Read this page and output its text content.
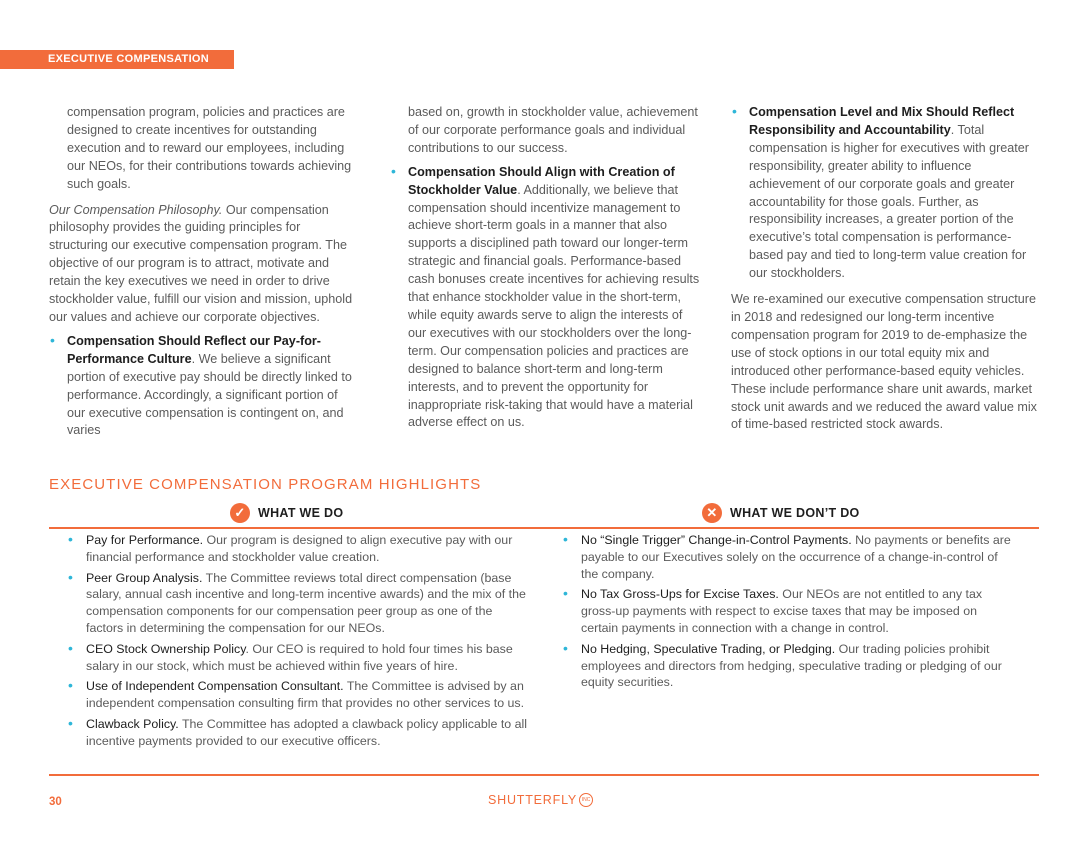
EXECUTIVE COMPENSATION

compensation program, policies and practices are designed to create incentives for outstanding execution and to reward our employees, including our NEOs, for their contributions towards achieving such goals.

Our Compensation Philosophy. Our compensation philosophy provides the guiding principles for structuring our executive compensation program. The objective of our program is to attract, motivate and retain the key executives we need in order to drive stockholder value, fulfill our vision and mission, uphold our values and achieve our corporate objectives.

• Compensation Should Reflect our Pay-for-Performance Culture. We believe a significant portion of executive pay should be directly linked to performance. Accordingly, a significant portion of our executive compensation is contingent on, and varies

based on, growth in stockholder value, achievement of our corporate performance goals and individual contributions to our success.

• Compensation Should Align with Creation of Stockholder Value. Additionally, we believe that compensation should incentivize management to achieve short-term goals in a manner that also supports a disciplined path toward our longer-term strategic and financial goals. Performance-based cash bonuses create incentives for achieving results that enhance stockholder value in the short-term, while equity awards serve to align the interests of our executives with our stockholders over the long-term. Our compensation policies and practices are designed to balance short-term and long-term interests, and to prevent the opportunity for inappropriate risk-taking that would have a material adverse effect on us.

• Compensation Level and Mix Should Reflect Responsibility and Accountability. Total compensation is higher for executives with greater responsibility, greater ability to influence achievement of our corporate goals and greater accountability for those goals. Further, as responsibility increases, a greater portion of the executive’s total compensation is performance-based pay and tied to long-term value creation for our stockholders.

We re-examined our executive compensation structure in 2018 and redesigned our long-term incentive compensation program for 2019 to de-emphasize the use of stock options in our total equity mix and introduced other performance-based equity vehicles. These include performance share unit awards, market stock unit awards and we reduced the award value mix of time-based restricted stock awards.

EXECUTIVE COMPENSATION PROGRAM HIGHLIGHTS
✓ WHAT WE DO	✕ WHAT WE DON’T DO
• Pay for Performance. Our program is designed to align executive pay with our financial performance and stockholder value creation.
• Peer Group Analysis. The Committee reviews total direct compensation (base salary, annual cash incentive and long-term incentive awards) and the mix of the compensation components for our compensation peer group as one of the factors in determining the compensation for our NEOs.
• CEO Stock Ownership Policy. Our CEO is required to hold four times his base salary in our stock, which must be achieved within five years of hire.
• Use of Independent Compensation Consultant. The Committee is advised by an independent compensation consulting firm that provides no other services to us.
• Clawback Policy. The Committee has adopted a clawback policy applicable to all incentive payments provided to our executive officers.
• No “Single Trigger” Change-in-Control Payments. No payments or benefits are payable to our Executives solely on the occurrence of a change-in-control of the company.
• No Tax Gross-Ups for Excise Taxes. Our NEOs are not entitled to any tax gross-up payments with respect to excise taxes that may be imposed on certain payments in connection with a change in control.
• No Hedging, Speculative Trading, or Pledging. Our trading policies prohibit employees and directors from hedging, speculative trading or pledging of our equity securities.
30	SHUTTERFLY INC
